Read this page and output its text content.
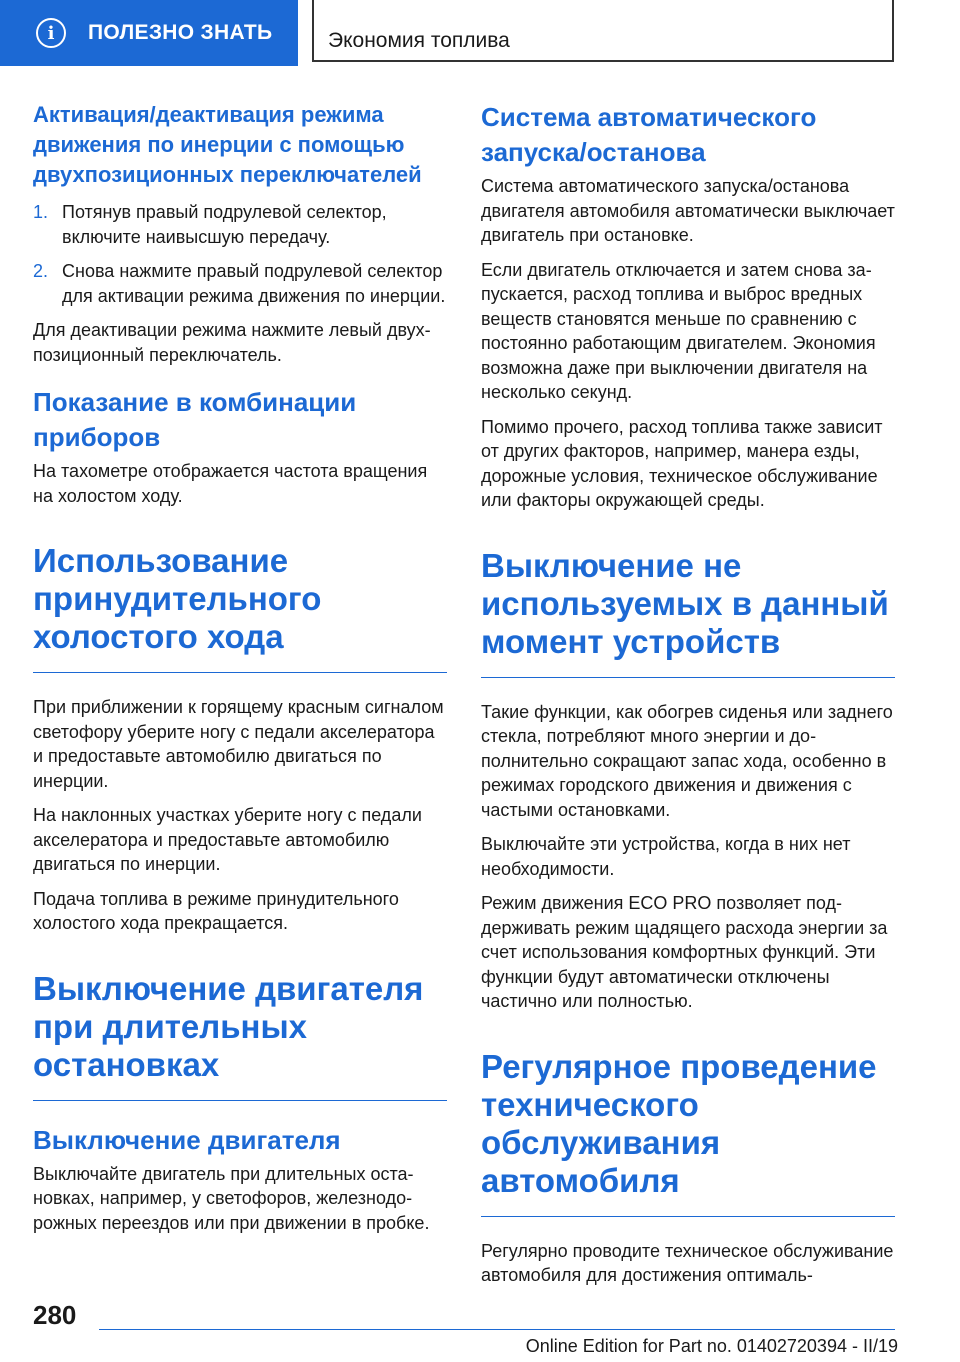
i	ПОЛЕЗНО ЗНАТЬ	Экономия топлива
Активация/деактивация режима движения по инерции с помощью двухпозиционных переключателей
1. Потянув правый подрулевой селектор, включите наивысшую передачу.
2. Снова нажмите правый подрулевой селектор для активации режима движения по инерции.

Для деактивации режима нажмите левый двухпозиционный переключатель.

Показание в комбинации приборов

На тахометре отображается частота вращения на холостом ходу.

Использование принудительного холостого хода

При приближении к горящему красным сигналом светофору уберите ногу с педали акселератора и предоставьте автомобилю двигаться по инерции.

На наклонных участках уберите ногу с педали акселератора и предоставьте автомобилю двигаться по инерции.

Подача топлива в режиме принудительного холостого хода прекращается.

Выключение двигателя при длительных остановках
Выключение двигателя

Выключайте двигатель при длительных остановках, например, у светофоров, железнодорожных переездов или при движении в пробке.

Система автоматического запуска/останова

Система автоматического запуска/останова двигателя автомобиля автоматически выключает двигатель при остановке.

Если двигатель отключается и затем снова запускается, расход топлива и выброс вредных веществ становятся меньше по сравнению с постоянно работающим двигателем. Экономия возможна даже при выключении двигателя на несколько секунд.

Помимо прочего, расход топлива также зависит от других факторов, например, манера езды, дорожные условия, техническое обслуживание или факторы окружающей среды.

Выключение не используемых в данный момент устройств

Такие функции, как обогрев сиденья или заднего стекла, потребляют много энергии и дополнительно сокращают запас хода, особенно в режимах городского движения и движения с частыми остановками.

Выключайте эти устройства, когда в них нет необходимости.

Режим движения ECO PRO позволяет поддерживать режим щадящего расхода энергии за счет использования комфортных функций. Эти функции будут автоматически отключены частично или полностью.

Регулярное проведение технического обслуживания автомобиля

Регулярно проводите техническое обслуживание автомобиля для достижения оптималь-

280
Online Edition for Part no. 01402720394 - II/19
